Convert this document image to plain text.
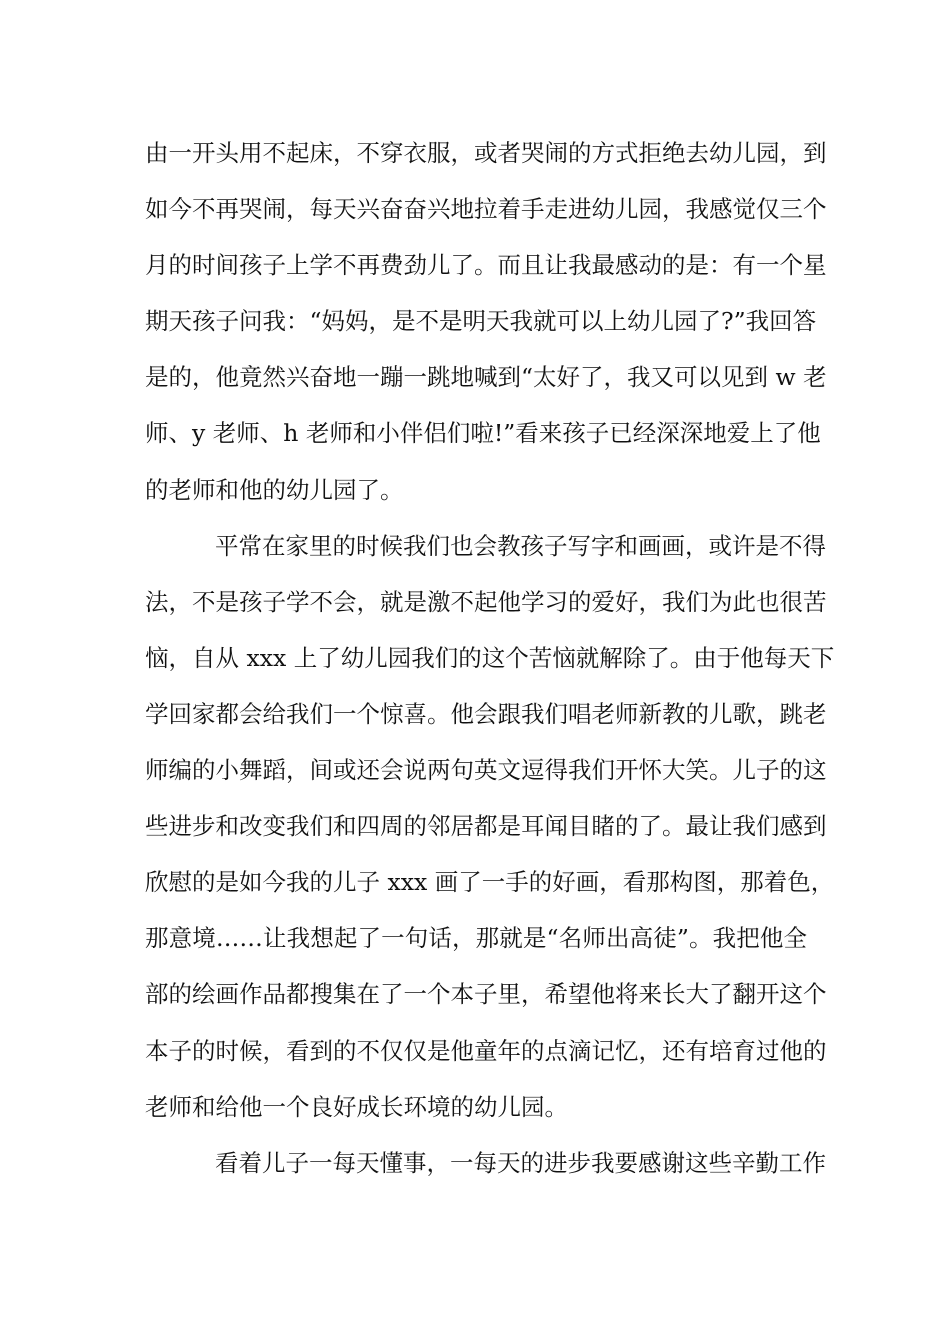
由一开头用不起床，不穿衣服，或者哭闹的方式拒绝去幼儿园，到
如今不再哭闹，每天兴奋奋兴地拉着手走进幼儿园，我感觉仅三个
月的时间孩子上学不再费劲儿了。而且让我最感动的是：有一个星
期天孩子问我：“妈妈，是不是明天我就可以上幼儿园了?”我回答
是的，他竟然兴奋地一蹦一跳地喊到“太好了，我又可以见到 w 老
师、y 老师、h 老师和小伴侣们啦!”看来孩子已经深深地爱上了他
的老师和他的幼儿园了。
平常在家里的时候我们也会教孩子写字和画画，或许是不得
法，不是孩子学不会，就是激不起他学习的爱好，我们为此也很苦
恼，自从 xxx 上了幼儿园我们的这个苦恼就解除了。由于他每天下
学回家都会给我们一个惊喜。他会跟我们唱老师新教的儿歌，跳老
师编的小舞蹈，间或还会说两句英文逗得我们开怀大笑。儿子的这
些进步和改变我们和四周的邻居都是耳闻目睹的了。最让我们感到
欣慰的是如今我的儿子 xxx 画了一手的好画，看那构图，那着色，
那意境……让我想起了一句话，那就是“名师出高徒”。我把他全
部的绘画作品都搜集在了一个本子里，希望他将来长大了翻开这个
本子的时候，看到的不仅仅是他童年的点滴记忆，还有培育过他的
老师和给他一个良好成长环境的幼儿园。
看着儿子一每天懂事，一每天的进步我要感谢这些辛勤工作
